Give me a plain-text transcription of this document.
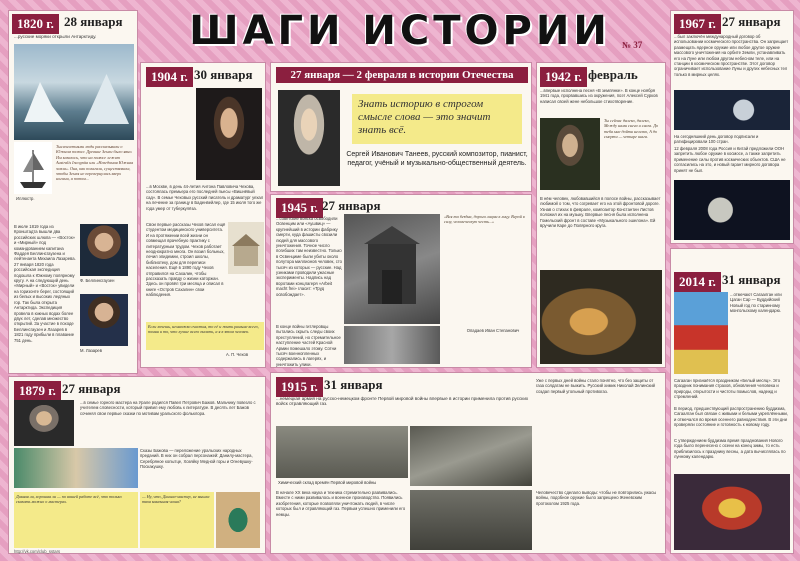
ШАГИ ИСТОРИИ	№ 37
1820 г. 28 января
...русские моряки открыли Антарктиду.
Тысячелетиями люди рассказывали о Южном полюсе. Древние Земли было явно. Им казалось, что на полюсе лежит Australis Incognita или «Неведомая Южная земля». Она, как полагали, существовала, чтобы Земля не перевернулась вверх ногами, а потом...
Иллюстр.
В июле 1819 года из Кронштадта вышли два российских шлюпа — «Восток» и «Мирный» под командованием капитана Фаддея Беллинсгаузена и лейтенанта Михаила Лазарева. 27 января 1820 года российская экспедиция подошла к Южному полярному кругу. А на следующий день «Мирный» и «Восток» увидели на горизонте берег, состоящий из белых и высоких ледяных гор. Так была открыта Антарктида. Экспедиция провела в южных водах более двух лет, сделав множество открытий. За участие в походе Беллинсгаузен и Лазарев в 1821 году прибыли в плавание 751 день.
Ф. Беллинсгаузен
М. Лазарев
1904 г. 30 января
...в Москве, в день 44-летия Антона Павловича Чехова, состоялась премьера его последней пьесы «Вишнёвый сад». В семье Чеховых русский писатель и драматург уехал на лечение за границу в Баденвейлер, где 15 июля того же года умер от туберкулёза.
Свои первые рассказы Чехов писал ещё студентом медицинского университета. И на протяжении всей жизни он совмещал врачебную практику с литературным трудом. Чехов работает неоднократно многа. Он возил больных, лечил эпидемии, строил школы, библиотеку, дом для переписи населения. Ещё в 1890 году Чехов отправился на Сахалин, чтобы рассказать правду о жизни каторжан. Здесь он провёл три месяца и описал в книге «Остров Сахалин» свои наблюдения.
Если хочешь, немножко счастья, то её и жить раньше всего, помни и то, что лучше всего писать, а я в этом человек.
А. П. Чехов
27 января — 2 февраля в истории Отечества
Знать историю в строгом смысле слова — это значит знать всё.
Сергей Иванович Танеев, русский композитор, пианист, педагог, учёный и музыкально-общественный деятель.
1945 г. 27 января
...советские войска освободили Освенцим или «Аушвиц» — крупнейший в истории фабрику смерти, куда фашисты свозили людей для массового уничтожения. Точное число погибших там неизвестно. Только в Освенциме были убиты около полутора миллионов человек, сто тысяч из которых — русские. Над узниками проводили ужасные эксперименты. Надпись над воротами концлагеря «Arbeit macht frei» гласит: «Труд освобождает».
«Вся та бездна, дорога лицом к лицу. Верой в силу, человеческую честь...»
Опадаев Иван Степанович
В конце войны гитлеровцы пытались скрыть следы своих преступлений, но стремительное наступление частей Красной Армии помешало этому. Сотни тысяч военнопленных содержались в лагерях, и уничтожить улики.
1942 г. февраль
...впервые исполнена песня «В землянке». В конце ноября 1941 года, прорвавшись из окружения, поэт Алексей Сурков написал своей жене небольшое стихотворение.
Ты сейчас далеко, далеко, Между нами снега и снега. До тебя мне дойти нелегко, А до смерти — четыре шага.
В нём человек, любовавшийся в полосе войны, рассказывает любимой о том, что согревает его на этой фронтовой дороге. Узнав о стихах в феврале, композитор Константин Листов положил их на музыку. Впервые песня была исполнена Гомельский фронт в составе «Музыкального эшелона». Ей вручили Каре до Полярного круга.
1967 г. 27 января
...был заключён международный договор об использовании космического пространства. Он запрещает размещать ядерное оружие или любое другое оружие массового уничтожения на орбите Земли, устанавливать его на Луне или любом другом небесном теле, или на станции в космическом пространстве. Этот договор ограничивает использование Луны и других небесных тел только в мирных целях.
На сегодняшний день договор подписали и ратифицировали 100 стран.
12 февраля 2008 года Россия и Китай предложили ООН запретить любое оружие в космосе, а также запретить применение силы против космических объектов. США не согласились на это, и новый гарант мирного договора принят не был.
2014 г. 31 января
...отмечают Сагаалган или Цаган Сар — Буддийский Новый год по старинному монгольскому календарю.
Сагааган признаётся праздником «Белый месяц». Это праздник понимания страхов, обновления человека и природы, открытости и чистоты помыслов, надежд и стремлений.
В период, предшествующий распространению буддизма, Сагаалган был связан с живыми и белыми укреплёнными, и отмечался во время осеннего равноденствия. В эти дни проверяли состояние и готовность к новому году.
С утверждением буддизма время празднования Нового года было перенесено с осени на конец зимы, то есть приблизилось к празднику весны, а дата вычислялась по лунному календарю.
1879 г. 27 января
...в семье горного мастера на Урале родился Павел Петрович Бажов. Мальчику повезло с учителем словесности, который привил ему любовь к литературе. В десять лет Бажов сочинял свои первые сказки по мотивам уральского фольклора.
Сказы Бажова — переложение уральских народных преданий. В них он собрал персонажей: Данилу-мастера, Серебряное копытце, Хозяйку Медной горы и Огневушку-Поскакушку.
Дивная ли, хорошая ли — по вашей работе всё, что только сказать можно о мастерах.
— Ну, что, Данила-мастер, не вышла твоя каменная чаша?
http://vk.com/club_sstars
1915 г. 31 января
...немецкая армия на русско-немецком фронте Первой мировой войны впервые в истории применила против русских войск отравляющий газ.
Химический склад времён Первой мировой войны
В начале XX века наука и техника стремительно развивались. Вместе с ними развивалось и военное производство. Появились изобретения, которые позволяли уничтожать людей, в числе которых был и отравляющий газ. Первым успешно применили его немцы.
Уже с первых дней войны стало понятно, что без защиты от газа солдатам не выжить. Русский химик Николай Зелинский создал первый угольный противогаз.
Человечество сделало выводы: чтобы не повторились ужасы войны, подобное оружие было запрещено Женевским протоколом 1925 года.
